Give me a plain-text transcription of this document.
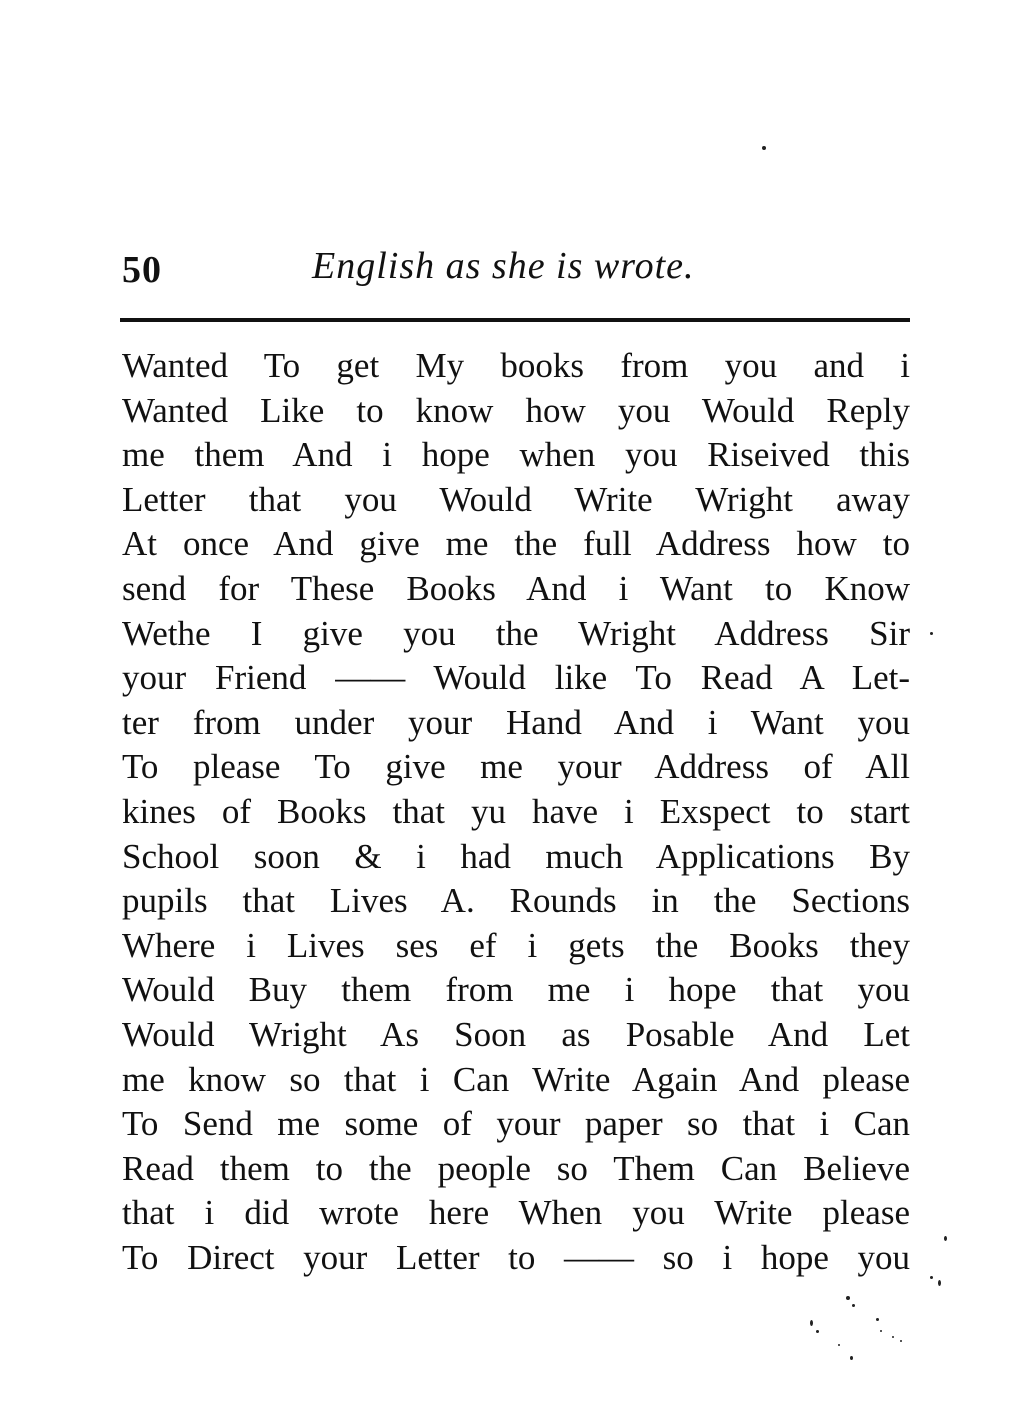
50	English as she is wrote.
Wanted To get My books from you and i
Wanted Like to know how you Would Reply
me them And i hope when you Riseived this
Letter that you Would Write Wright away
At once And give me the full Address how to
send for These Books And i Want to Know
Wethe I give you the Wright Address Sir
your Friend —— Would like To Read A Let-
ter from under your Hand And i Want you
To please To give me your Address of All
kines of Books that yu have i Exspect to start
School soon & i had much Applications By
pupils that Lives A. Rounds in the Sections
Where i Lives ses ef i gets the Books they
Would Buy them from me i hope that you
Would Wright As Soon as Posable And Let
me know so that i Can Write Again And please
To Send me some of your paper so that i Can
Read them to the people so Them Can Believe
that i did wrote here When you Write please
To Direct your Letter to —— so i hope you
